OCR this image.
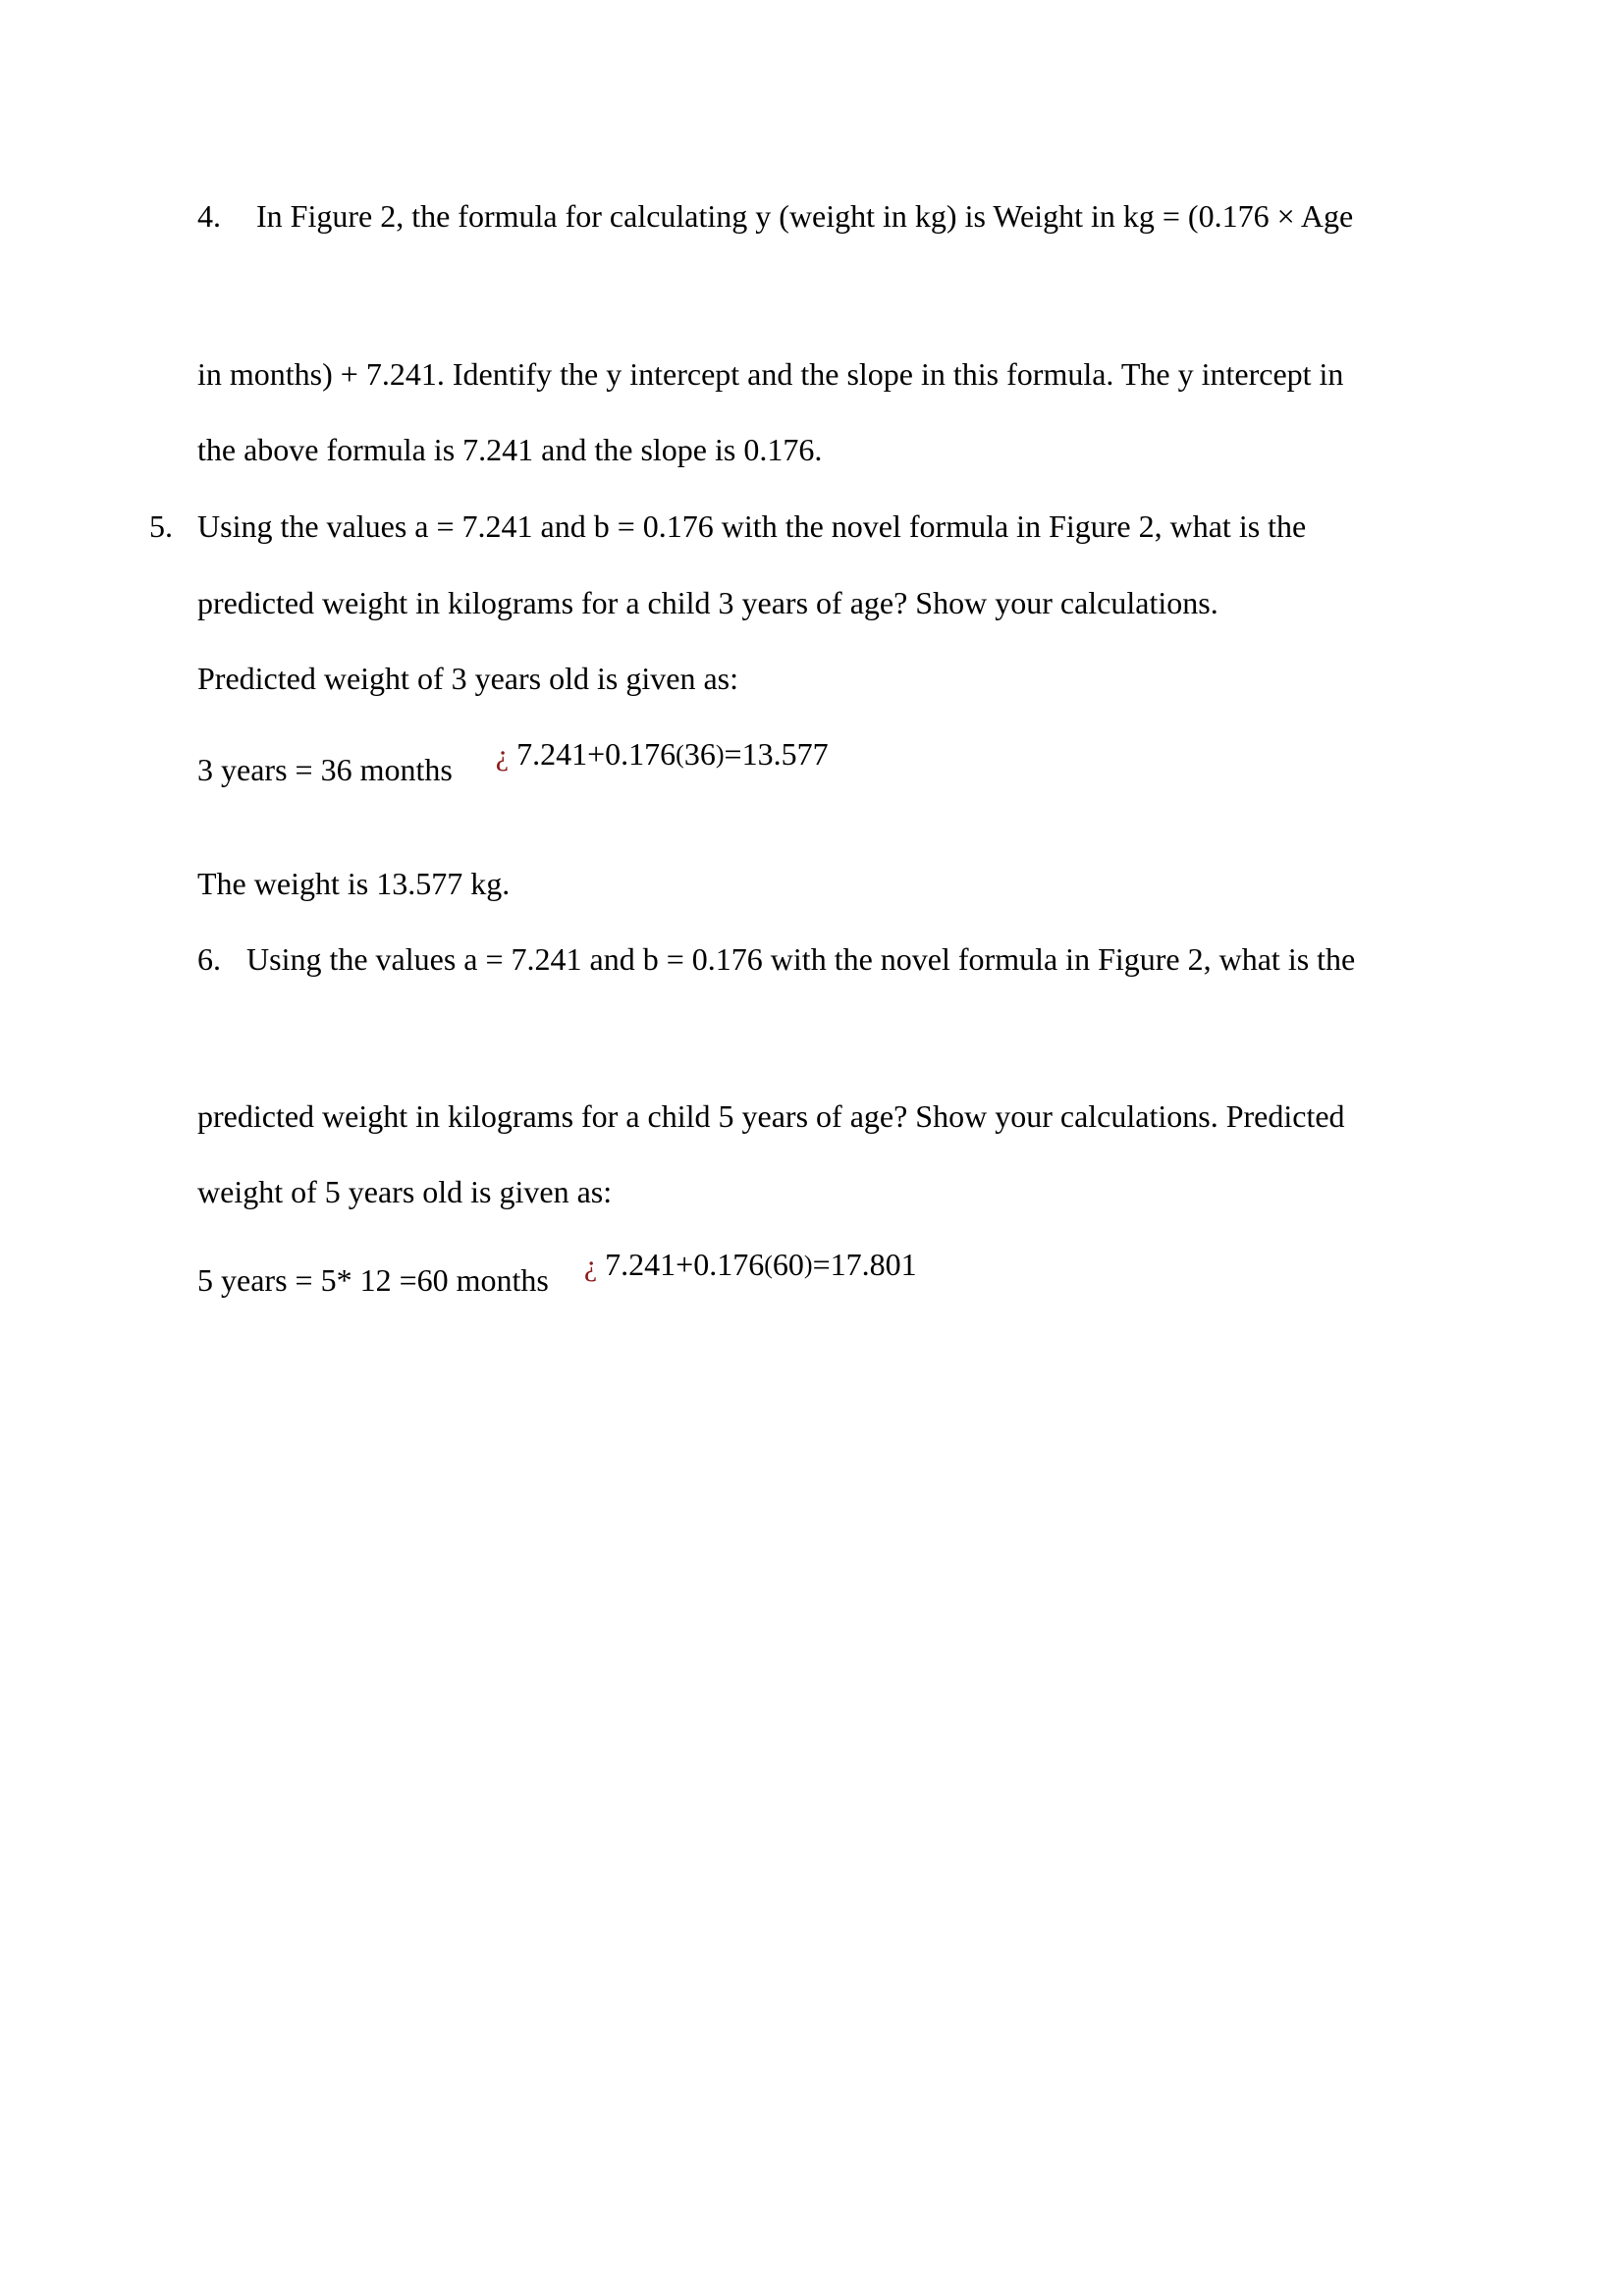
4. In Figure 2, the formula for calculating y (weight in kg) is Weight in kg = (0.176 × Age
in months) + 7.241. Identify the y intercept and the slope in this formula. The y intercept in
the above formula is 7.241 and the slope is 0.176.
5. Using the values a = 7.241 and b = 0.176 with the novel formula in Figure 2, what is the
predicted weight in kilograms for a child 3 years of age? Show your calculations.
Predicted weight of 3 years old is given as:
3 years = 36 months ¿ 7.241+0.176(36)=13.577
The weight is 13.577 kg.
6. Using the values a = 7.241 and b = 0.176 with the novel formula in Figure 2, what is the
predicted weight in kilograms for a child 5 years of age? Show your calculations. Predicted
weight of 5 years old is given as:
5 years = 5* 12 =60 months ¿ 7.241+0.176(60)=17.801
